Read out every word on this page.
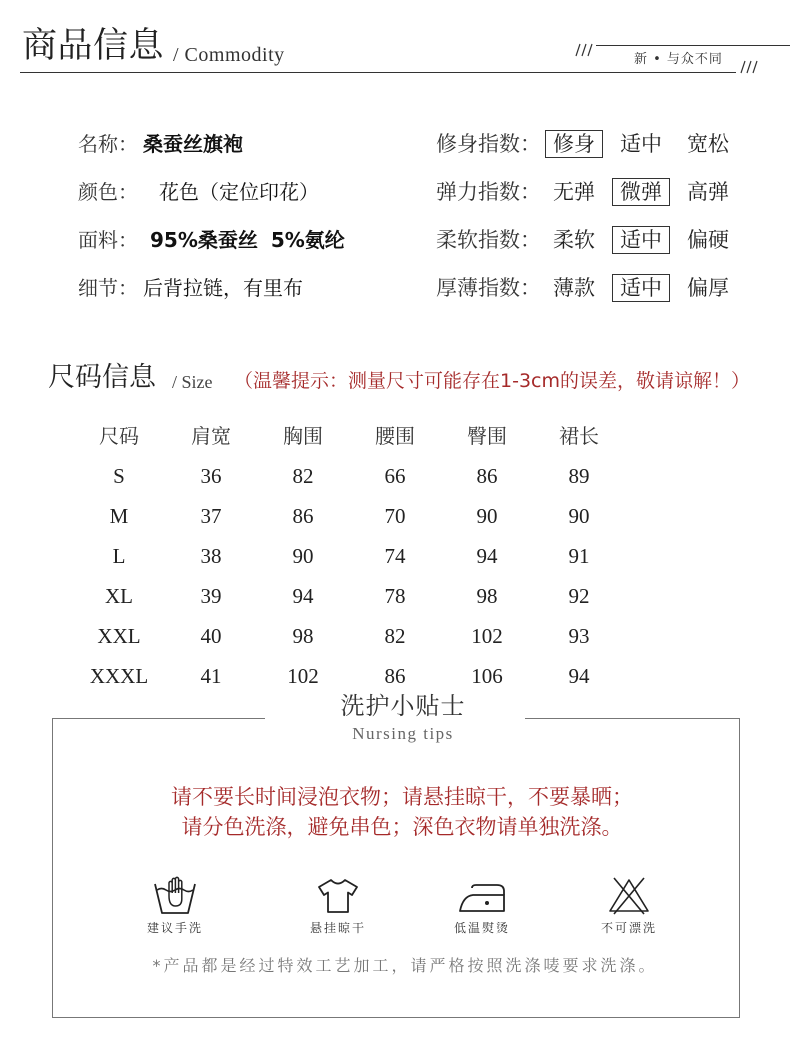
商品信息 / Commodity	新 • 与众不同
名称： 桑蚕丝旗袍	修身指数： 修身	适中	宽松
颜色： 花色（定位印花）	弹力指数： 无弹	微弹	高弹
面料： 95%桑蚕丝 5%氨纶	柔软指数： 柔软	适中	偏硬
细节： 后背拉链，有里布	厚薄指数： 薄款	适中	偏厚
尺码信息 / Size （温馨提示：测量尺寸可能存在1-3cm的误差，敬请谅解！）
尺码	肩宽	胸围	腰围	臀围	裙长
S	36	82	66	86	89
M	37	86	70	90	90
L	38	90	74	94	91
XL	39	94	78	98	92
XXL	40	98	82	102	93
XXXL	41	102	86	106	94
洗护小贴士
Nursing tips
请不要长时间浸泡衣物；请悬挂晾干，不要暴晒；
请分色洗涤，避免串色；深色衣物请单独洗涤。
建议手洗	悬挂晾干	低温熨烫	不可漂洗
*产品都是经过特效工艺加工，请严格按照洗涤唛要求洗涤。
